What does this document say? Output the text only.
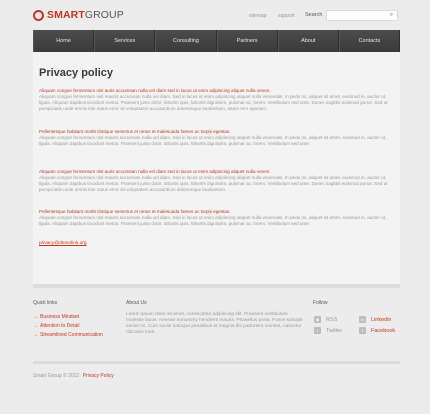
SMARTGROUP	sitemap support Search	»
Home	Services	Consulting	Partners	About	Contacts
Privacy policy
Aliquam congue fermentum nisl auris accumsan nulla vel diam sed in lacus ut enim adipiscing aliquet nulla venen.
Aliquam congue fermentum nisl mauris accumsan nulla vel diam. Sed in lacus ut enim adipiscing aliquet nulla venenatis. In pede mi, aliquet sit amet, euismod in, auctor ut, ligula. Aliquam dapibus tincidunt metus. Praesent justo dolor, lobortis quis, lobortis dignissim, pulvinar ac, lorem. Vestibulum sed ante. Donec sagittis euismod purus. Sed ut perspiciatis unde omnis iste natus error sit voluptatem accusantium doloremque laudantium, totam rem aperiam.
Pellentesque habitant morbi tristique senectus et netus et malesuada fames ac turpis egestas.
Aliquam congue fermentum nisl mauris accumsan nulla vel diam. Sed in lacus ut enim adipiscing aliquet nulla venenatis. In pede mi, aliquet sit amet, euismod in, auctor ut, ligula. Aliquam dapibus tincidunt metus. Praesent justo dolor, lobortis quis, lobortis dignissim, pulvinar ac, lorem. Vestibulum sed ante.
Aliquam congue fermentum nisl auris accumsan nulla vel diam sed in lacus ut enim adipiscing aliquet nulla venen.
Aliquam congue fermentum nisl mauris accumsan nulla vel diam. Sed in lacus ut enim adipiscing aliquet nulla venenatis. In pede mi, aliquet sit amet, euismod in, auctor ut, ligula. Aliquam dapibus tincidunt metus. Praesent justo dolor, lobortis quis, lobortis dignissim, pulvinar ac, lorem. Vestibulum sed ante. Donec sagittis euismod purus. Sed ut perspiciatis unde omnis iste natus error sit voluptatem accusantium doloremque laudantium.
Pellentesque habitant morbi tristique senectus et netus et malesuada fames ac turpis egestas.
Aliquam congue fermentum nisl mauris accumsan nulla vel diam. Sed in lacus ut enim adipiscing aliquet nulla venenatis. In pede mi, aliquet sit amet, euismod in, auctor ut, ligula. Aliquam dapibus tincidunt metus. Praesent justo dolor, lobortis quis, lobortis dignissim, pulvinar ac, lorem. Vestibulum sed ante.
privacy@demolink.org
Quick links
→ Business Mindset
→ Attention to Detail
→ Streamlined Communication
About Us

Lorem ipsum dolor sit amet, consectetur adipiscing elit. Praesent vestibulum molestie lacus. Aenean nonummy hendrerit mauris. Phasellus porta. Fusce suscipit varius mi. Cum sociis natoque penatibus et magnis dis parturient montes, nascetur ridiculus mus.

Follow
◉	RSS	in	Linkedin
t	Twitter	f	Facebook
Smart Group © 2012 Privacy Policy
